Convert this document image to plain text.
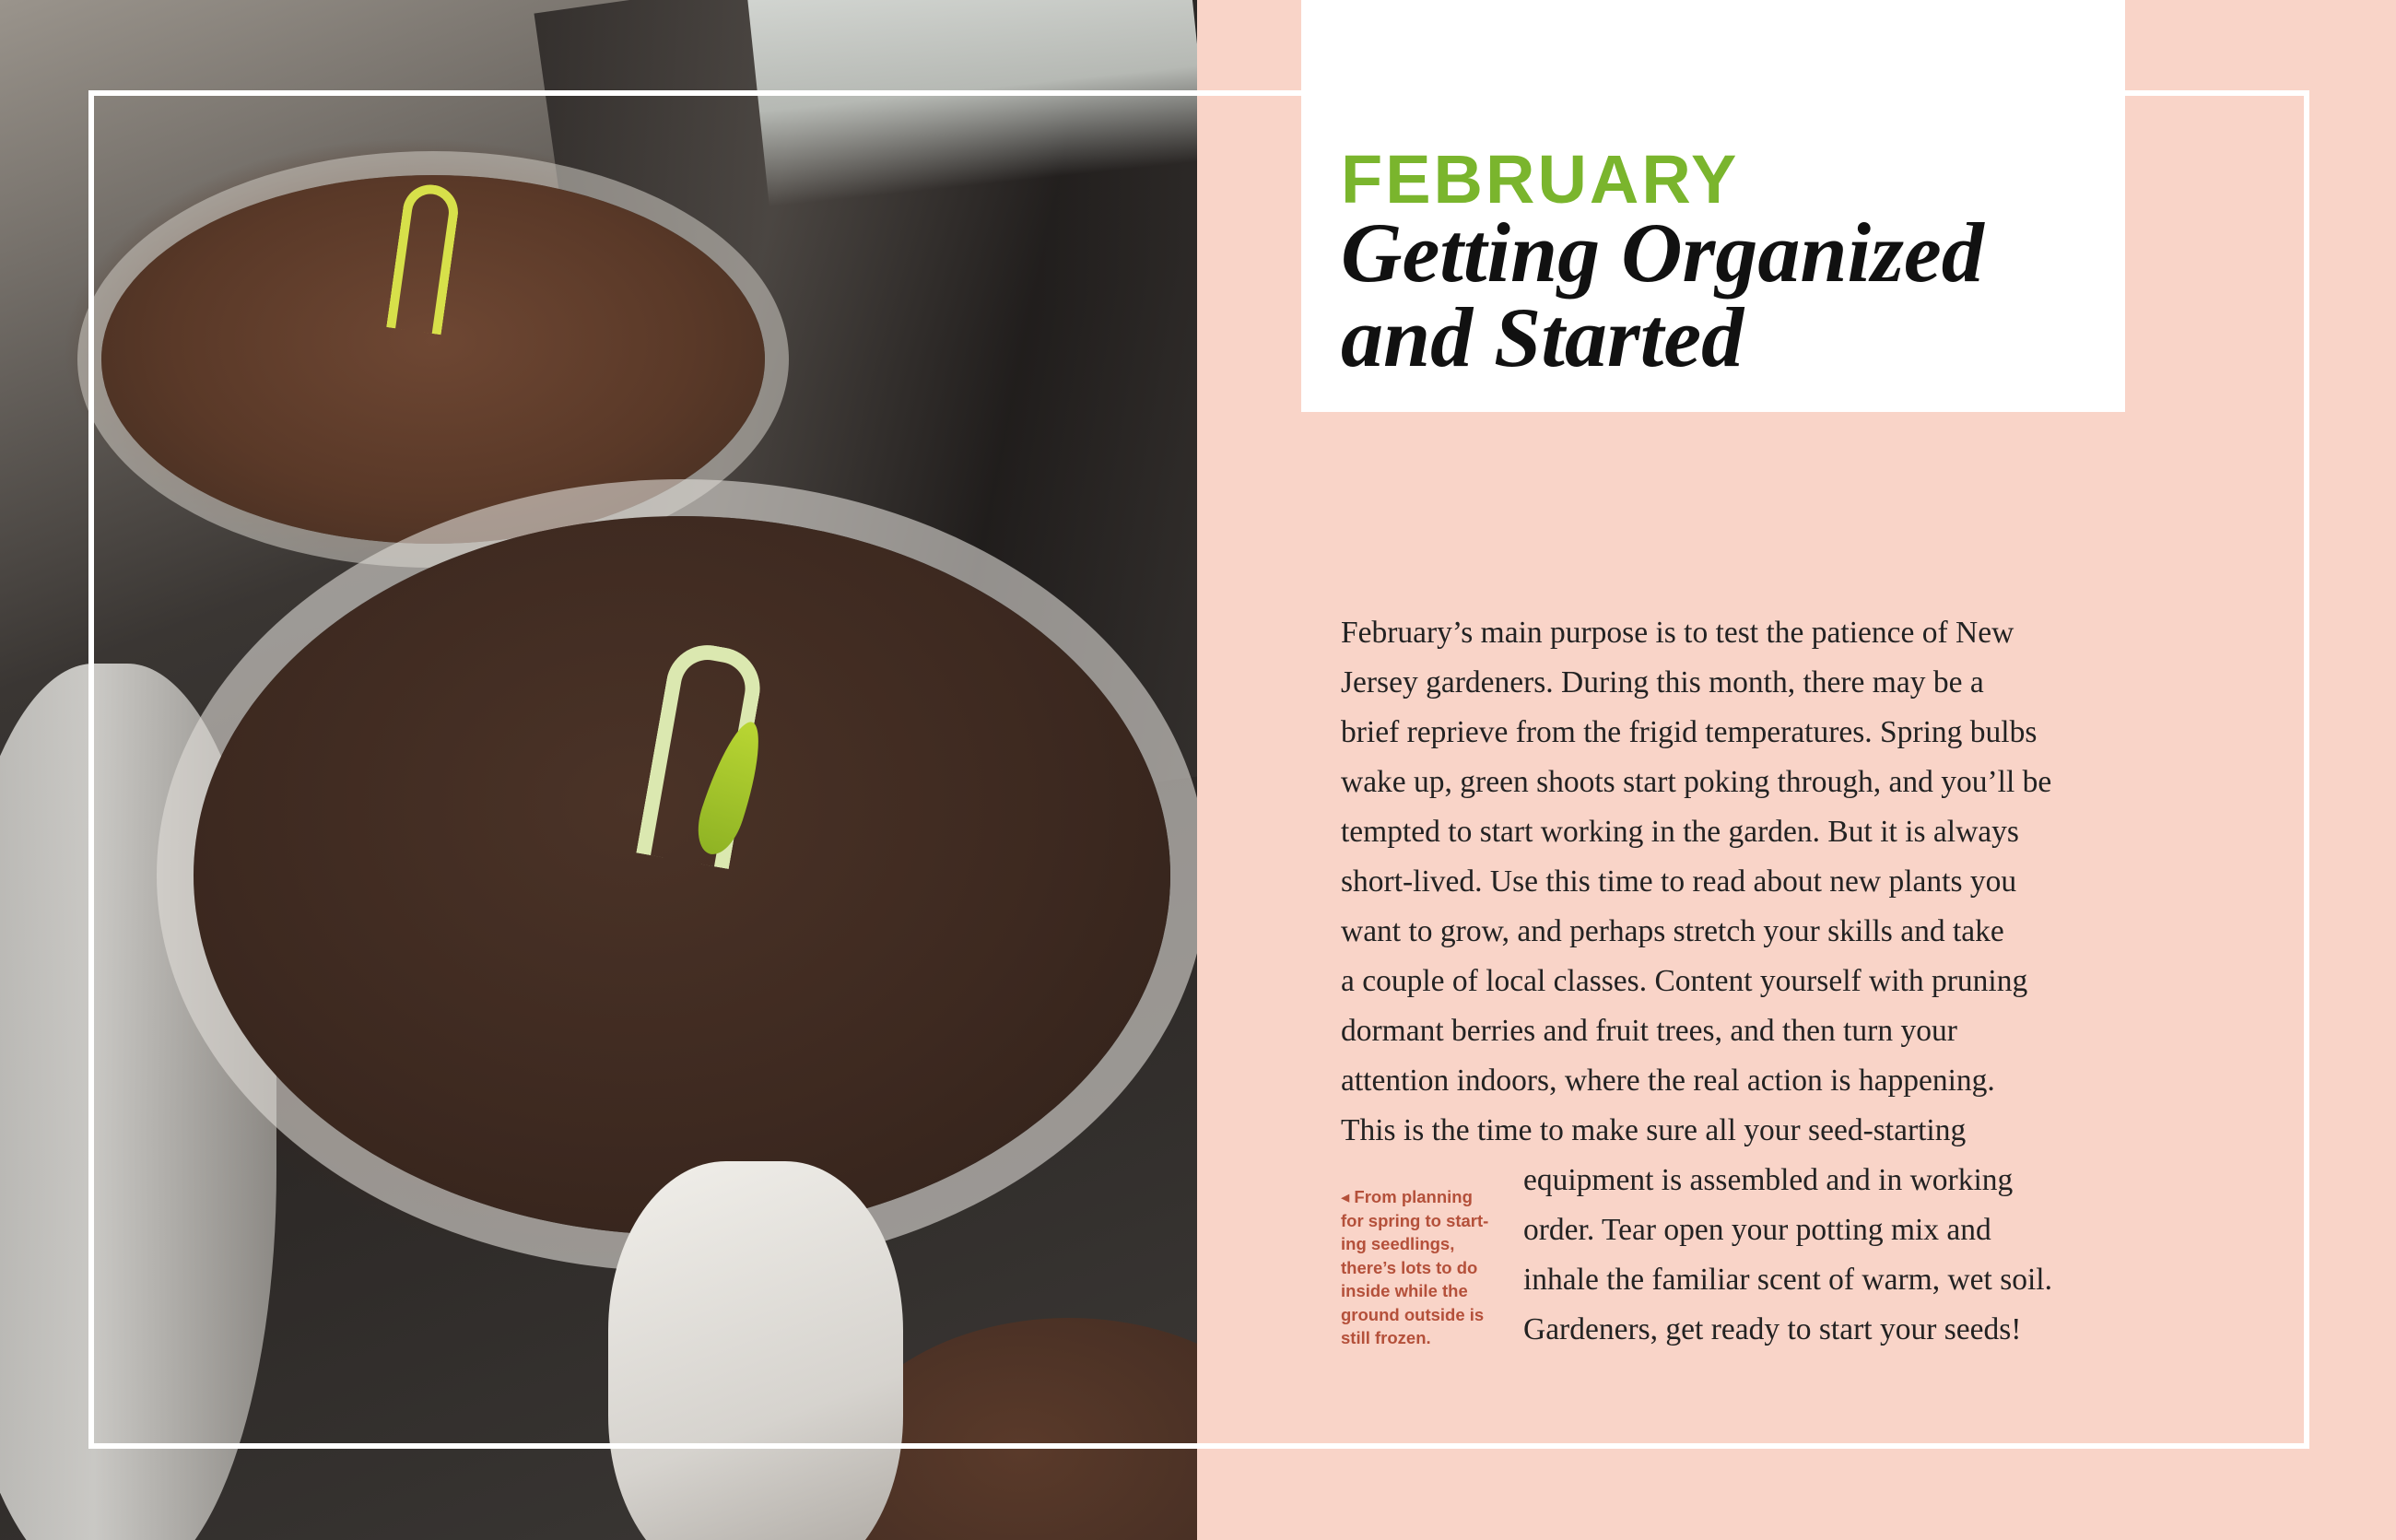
FEBRUARY
Getting Organized
and Started
February’s main purpose is to test the patience of New
Jersey gardeners. During this month, there may be a
brief reprieve from the frigid temperatures. Spring bulbs
wake up, green shoots start poking through, and you’ll be
tempted to start working in the garden. But it is always
short-lived. Use this time to read about new plants you
want to grow, and perhaps stretch your skills and take
a couple of local classes. Content yourself with pruning
dormant berries and fruit trees, and then turn your
attention indoors, where the real action is happening.
This is the time to make sure all your seed-starting
equipment is assembled and in working
order. Tear open your potting mix and
inhale the familiar scent of warm, wet soil.
Gardeners, get ready to start your seeds!
◂ From planning
for spring to start-
ing seedlings,
there’s lots to do
inside while the
ground outside is
still frozen.
